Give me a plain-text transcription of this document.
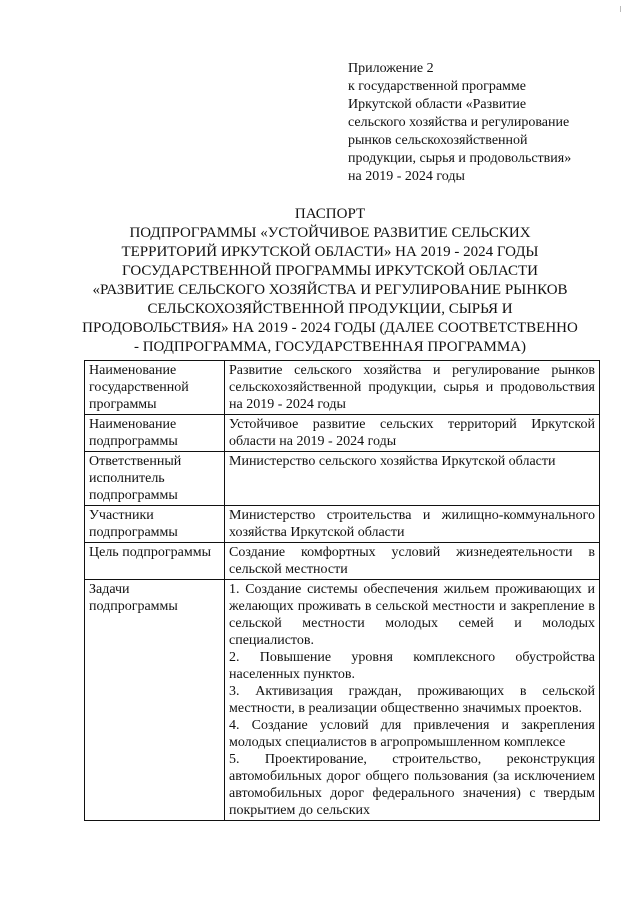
Приложение 2
к государственной программе
Иркутской области «Развитие
сельского хозяйства и регулирование
рынков сельскохозяйственной
продукции, сырья и продовольствия»
на 2019 - 2024 годы
ПАСПОРТ
ПОДПРОГРАММЫ «УСТОЙЧИВОЕ РАЗВИТИЕ СЕЛЬСКИХ
ТЕРРИТОРИЙ ИРКУТСКОЙ ОБЛАСТИ» НА 2019 - 2024 ГОДЫ
ГОСУДАРСТВЕННОЙ ПРОГРАММЫ ИРКУТСКОЙ ОБЛАСТИ
«РАЗВИТИЕ СЕЛЬСКОГО ХОЗЯЙСТВА И РЕГУЛИРОВАНИЕ РЫНКОВ
СЕЛЬСКОХОЗЯЙСТВЕННОЙ ПРОДУКЦИИ, СЫРЬЯ И
ПРОДОВОЛЬСТВИЯ» НА 2019 - 2024 ГОДЫ (ДАЛЕЕ СООТВЕТСТВЕННО
- ПОДПРОГРАММА, ГОСУДАРСТВЕННАЯ ПРОГРАММА)
Наименование государственной программы	Развитие сельского хозяйства и регулирование рынков сельскохозяйственной продукции, сырья и продовольствия на 2019 - 2024 годы
Наименование подпрограммы	Устойчивое развитие сельских территорий Иркутской области на 2019 - 2024 годы
Ответственный исполнитель подпрограммы	Министерство сельского хозяйства Иркутской области
Участники подпрограммы	Министерство строительства и жилищно-коммунального хозяйства Иркутской области
Цель подпрограммы	Создание комфортных условий жизнедеятельности в сельской местности
Задачи подпрограммы	1. Создание системы обеспечения жильем проживающих и желающих проживать в сельской местности и закрепление в сельской местности молодых семей и молодых специалистов.

2. Повышение уровня комплексного обустройства населенных пунктов.

3. Активизация граждан, проживающих в сельской местности, в реализации общественно значимых проектов.

4. Создание условий для привлечения и закрепления молодых специалистов в агропромышленном комплексе

5. Проектирование, строительство, реконструкция автомобильных дорог общего пользования (за исключением автомобильных дорог федерального значения) с твердым покрытием до сельских
